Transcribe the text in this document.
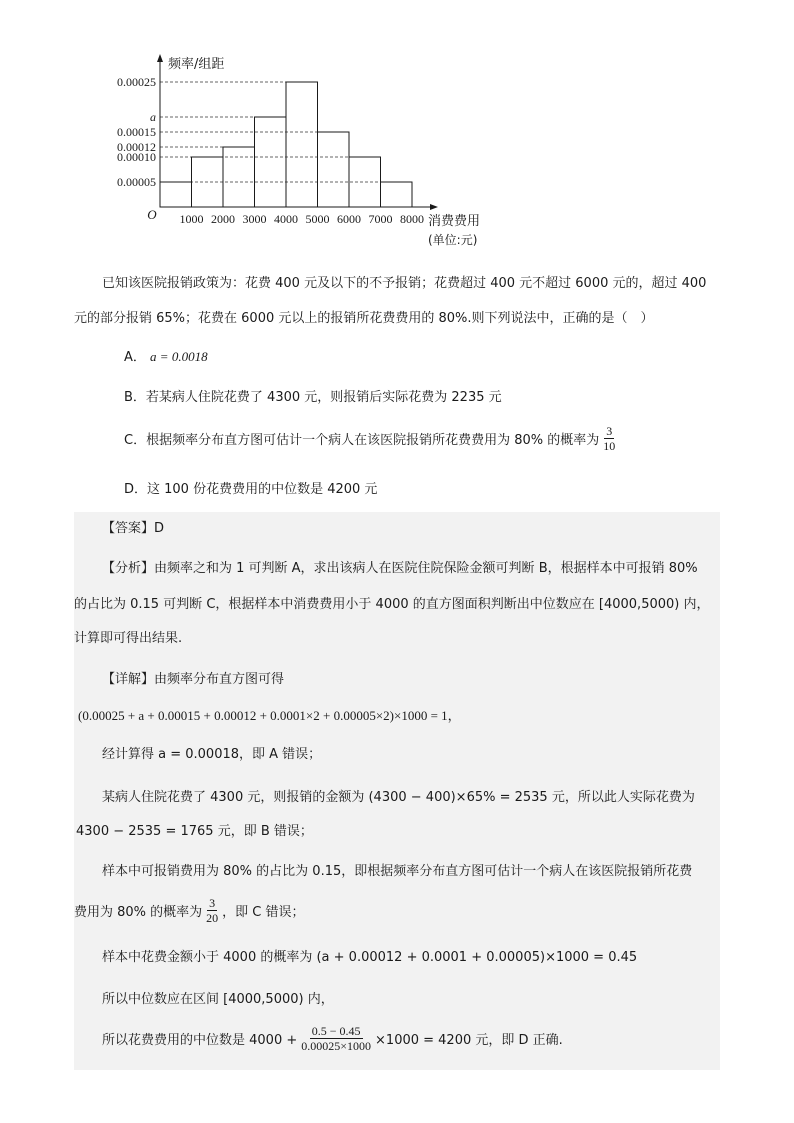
0.00025
a
0.00015
0.00012
0.00010
0.00005
1000 2000 3000 4000 5000 6000 7000 8000
O
频率/组距
消费费用
(单位:元)
已知该医院报销政策为：花费 400 元及以下的不予报销；花费超过 400 元不超过 6000 元的，超过 400
元的部分报销 65%；花费在 6000 元以上的报销所花费费用的 80%.则下列说法中，正确的是（　）
A． a = 0.0018
B．若某病人住院花费了 4300 元，则报销后实际花费为 2235 元
C．根据频率分布直方图可估计一个病人在该医院报销所花费费用为 80% 的概率为 $\frac{3}{10}$
D．这 100 份花费费用的中位数是 4200 元
【答案】D
【分析】由频率之和为 1 可判断 A，求出该病人在医院住院保险金额可判断 B，根据样本中可报销 80%
的占比为 0.15 可判断 C，根据样本中消费费用小于 4000 的直方图面积判断出中位数应在 [4000,5000) 内，
计算即可得出结果.
【详解】由频率分布直方图可得
(0.00025 + a + 0.00015 + 0.00012 + 0.0001×2 + 0.00005×2)×1000 = 1，
经计算得 a = 0.00018，即 A 错误；
某病人住院花费了 4300 元，则报销的金额为 (4300 − 400)×65% = 2535 元，所以此人实际花费为
4300 − 2535 = 1765 元，即 B 错误；
样本中可报销费用为 80% 的占比为 0.15，即根据频率分布直方图可估计一个病人在该医院报销所花费
费用为 80% 的概率为 $\frac{3}{20}$ ，即 C 错误；
样本中花费金额小于 4000 的概率为 (a + 0.00012 + 0.0001 + 0.00005)×1000 = 0.45
所以中位数应在区间 [4000,5000) 内，
所以花费费用的中位数是 $4000 + \frac{0.5 - 0.45}{0.00025\times 1000} \times 1000 = 4200$ 元，即 D 正确.
